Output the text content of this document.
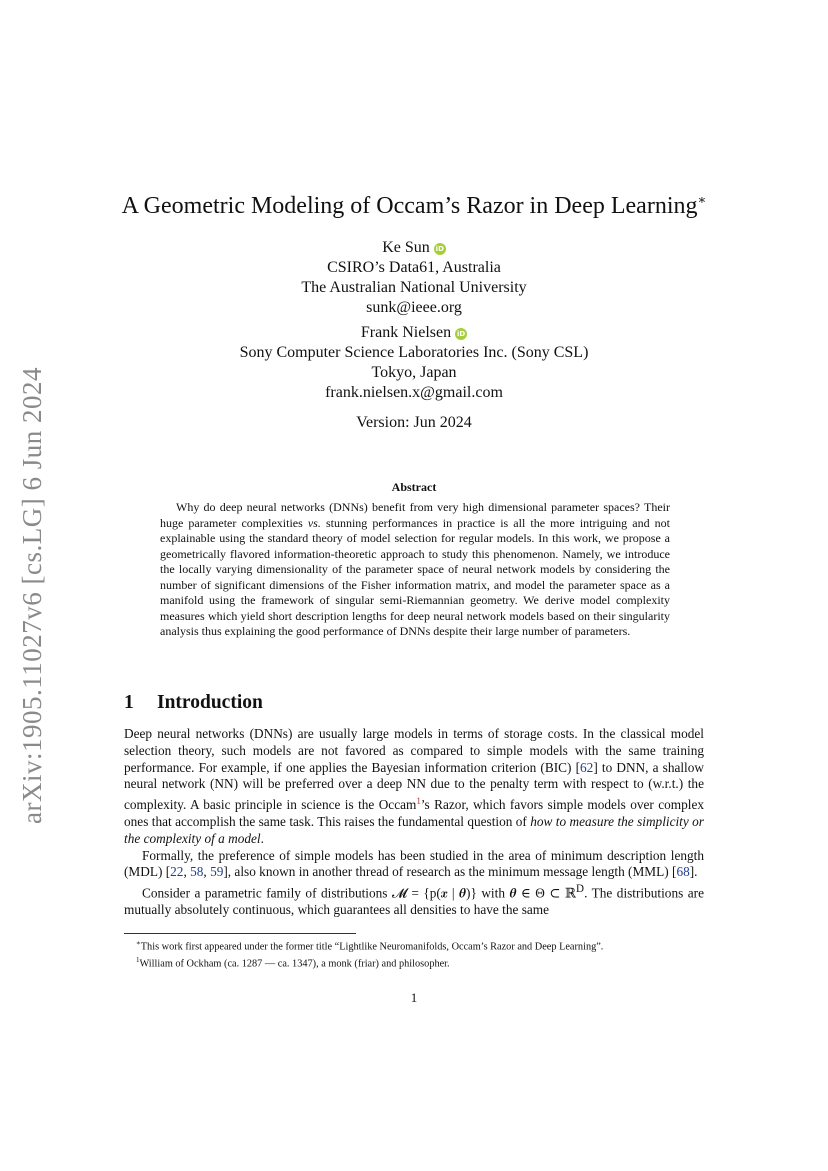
arXiv:1905.11027v6 [cs.LG] 6 Jun 2024
A Geometric Modeling of Occam’s Razor in Deep Learning∗
Ke Sun iD
CSIRO’s Data61, Australia
The Australian National University
sunk@ieee.org
Frank Nielsen iD
Sony Computer Science Laboratories Inc. (Sony CSL)
Tokyo, Japan
frank.nielsen.x@gmail.com
Version: Jun 2024
Abstract

Why do deep neural networks (DNNs) benefit from very high dimensional parameter spaces? Their huge parameter complexities vs. stunning performances in practice is all the more intriguing and not explainable using the standard theory of model selection for regular models. In this work, we propose a geometrically flavored information-theoretic approach to study this phenomenon. Namely, we introduce the locally varying dimensionality of the parameter space of neural network models by considering the number of significant dimensions of the Fisher information matrix, and model the parameter space as a manifold using the framework of singular semi-Riemannian geometry. We derive model complexity measures which yield short description lengths for deep neural network models based on their singularity analysis thus explaining the good performance of DNNs despite their large number of parameters.

1 Introduction

Deep neural networks (DNNs) are usually large models in terms of storage costs. In the classical model selection theory, such models are not favored as compared to simple models with the same training performance. For example, if one applies the Bayesian information criterion (BIC) [62] to DNN, a shallow neural network (NN) will be preferred over a deep NN due to the penalty term with respect to (w.r.t.) the complexity. A basic principle in science is the Occam$^1$’s Razor, which favors simple models over complex ones that accomplish the same task. This raises the fundamental question of how to measure the simplicity or the complexity of a model.

Formally, the preference of simple models has been studied in the area of minimum description length (MDL) [22, 58, 59], also known in another thread of research as the minimum message length (MML) [68].

Consider a parametric family of distributions 𝓜 = {p(𝒙 | 𝜽)} with 𝜽 ∈ Θ ⊂ ℝ$^D$. The distributions are mutually absolutely continuous, which guarantees all densities to have the same

∗This work first appeared under the former title “Lightlike Neuromanifolds, Occam’s Razor and Deep Learning”.
$^1$William of Ockham (ca. 1287 — ca. 1347), a monk (friar) and philosopher.
1
